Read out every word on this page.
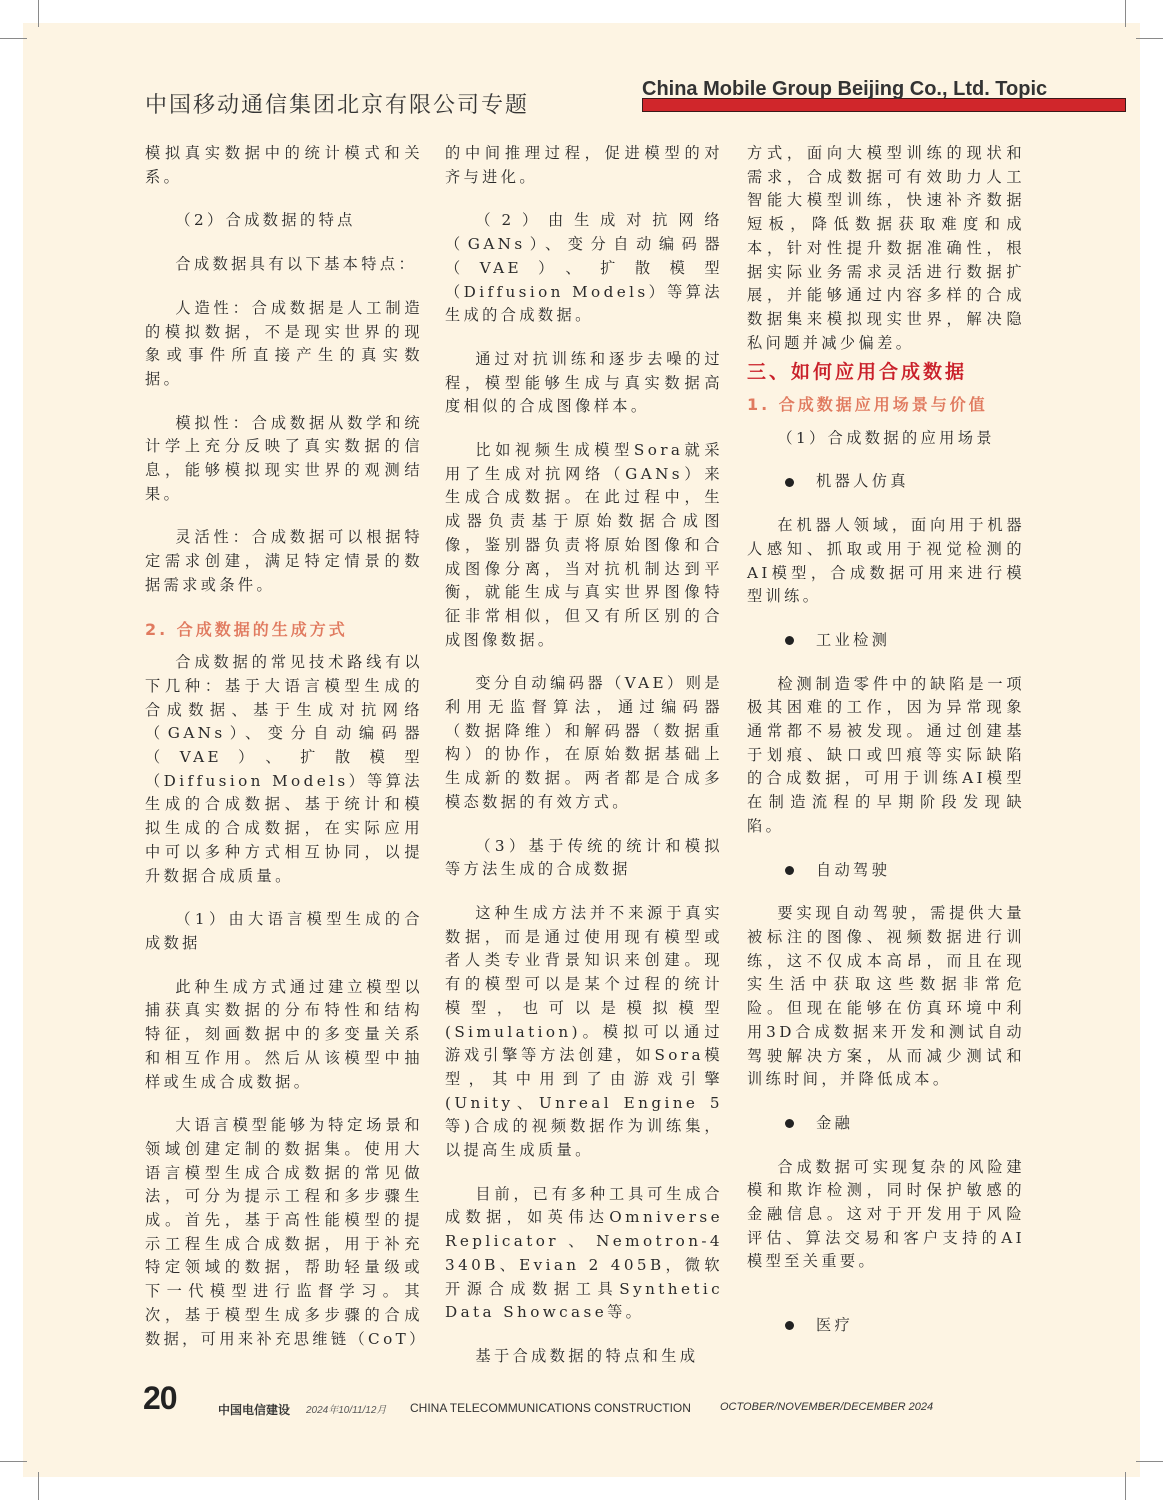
中国移动通信集团北京有限公司专题
China Mobile Group Beijing Co., Ltd. Topic

模拟真实数据中的统计模式和关系。

（2）合成数据的特点

合成数据具有以下基本特点：

人造性：合成数据是人工制造的模拟数据，不是现实世界的现象或事件所直接产生的真实数据。

模拟性：合成数据从数学和统计学上充分反映了真实数据的信息，能够模拟现实世界的观测结果。

灵活性：合成数据可以根据特定需求创建，满足特定情景的数据需求或条件。

2. 合成数据的生成方式

合成数据的常见技术路线有以下几种：基于大语言模型生成的合成数据、基于生成对抗网络（GANs）、变分自动编码器（VAE）、扩散模型（Diffusion Models）等算法生成的合成数据、基于统计和模拟生成的合成数据，在实际应用中可以多种方式相互协同，以提升数据合成质量。

（1）由大语言模型生成的合成数据

此种生成方式通过建立模型以捕获真实数据的分布特性和结构特征，刻画数据中的多变量关系和相互作用。然后从该模型中抽样或生成合成数据。

大语言模型能够为特定场景和领域创建定制的数据集。使用大语言模型生成合成数据的常见做法，可分为提示工程和多步骤生成。首先，基于高性能模型的提示工程生成合成数据，用于补充特定领域的数据，帮助轻量级或下一代模型进行监督学习。其次，基于模型生成多步骤的合成数据，可用来补充思维链（CoT）

的中间推理过程，促进模型的对齐与进化。

（2）由生成对抗网络（GANs）、变分自动编码器（VAE）、扩散模型（Diffusion Models）等算法生成的合成数据。

通过对抗训练和逐步去噪的过程，模型能够生成与真实数据高度相似的合成图像样本。

比如视频生成模型Sora就采用了生成对抗网络（GANs）来生成合成数据。在此过程中，生成器负责基于原始数据合成图像，鉴别器负责将原始图像和合成图像分离，当对抗机制达到平衡，就能生成与真实世界图像特征非常相似，但又有所区别的合成图像数据。

变分自动编码器（VAE）则是利用无监督算法，通过编码器（数据降维）和解码器（数据重构）的协作，在原始数据基础上生成新的数据。两者都是合成多模态数据的有效方式。

（3）基于传统的统计和模拟等方法生成的合成数据

这种生成方法并不来源于真实数据，而是通过使用现有模型或者人类专业背景知识来创建。现有的模型可以是某个过程的统计模型，也可以是模拟模型(Simulation)。模拟可以通过游戏引擎等方法创建，如Sora模型，其中用到了由游戏引擎(Unity、Unreal Engine 5等)合成的视频数据作为训练集，以提高生成质量。

目前，已有多种工具可生成合成数据，如英伟达Omniverse Replicator、Nemotron-4 340B、Evian 2 405B，微软开源合成数据工具Synthetic Data Showcase等。

基于合成数据的特点和生成

方式，面向大模型训练的现状和需求，合成数据可有效助力人工智能大模型训练，快速补齐数据短板，降低数据获取难度和成本，针对性提升数据准确性，根据实际业务需求灵活进行数据扩展，并能够通过内容多样的合成数据集来模拟现实世界，解决隐私问题并减少偏差。

三、如何应用合成数据
1. 合成数据应用场景与价值

（1）合成数据的应用场景

机器人仿真

在机器人领域，面向用于机器人感知、抓取或用于视觉检测的AI模型，合成数据可用来进行模型训练。

工业检测

检测制造零件中的缺陷是一项极其困难的工作，因为异常现象通常都不易被发现。通过创建基于划痕、缺口或凹痕等实际缺陷的合成数据，可用于训练AI模型在制造流程的早期阶段发现缺陷。

自动驾驶

要实现自动驾驶，需提供大量被标注的图像、视频数据进行训练，这不仅成本高昂，而且在现实生活中获取这些数据非常危险。但现在能够在仿真环境中利用3D合成数据来开发和测试自动驾驶解决方案，从而减少测试和训练时间，并降低成本。

金融

合成数据可实现复杂的风险建模和欺诈检测，同时保护敏感的金融信息。这对于开发用于风险评估、算法交易和客户支持的AI模型至关重要。

医疗
20	中国电信建设 2024年10/11/12月 CHINA TELECOMMUNICATIONS CONSTRUCTION	OCTOBER/NOVEMBER/DECEMBER 2024
